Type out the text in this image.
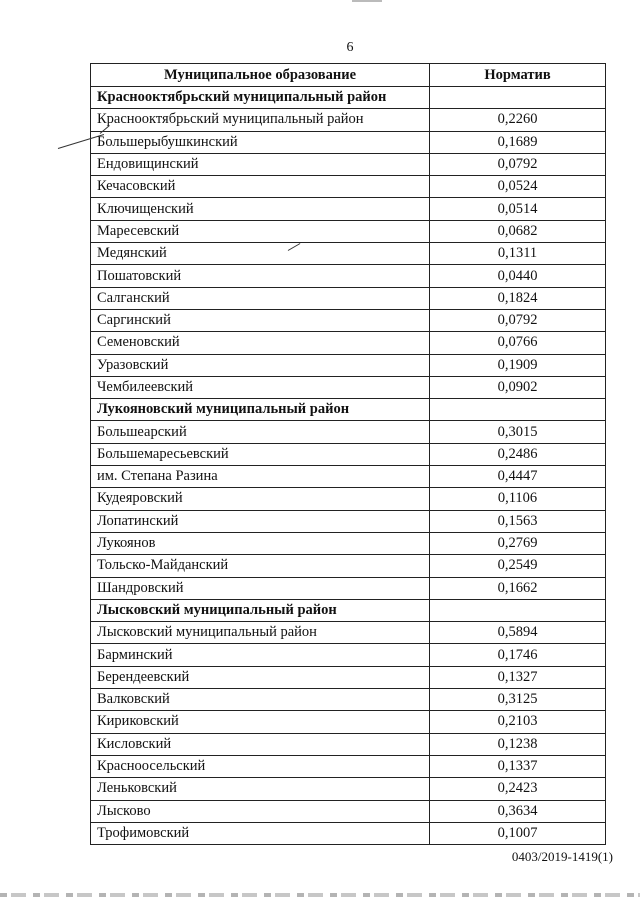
6
Муниципальное образование	Норматив
Краснооктябрьский муниципальный район	
Краснооктябрьский муниципальный район	0,2260
Большерыбушкинский	0,1689
Ендовищинский	0,0792
Кечасовский	0,0524
Ключищенский	0,0514
Маресевский	0,0682
Медянский	0,1311
Пошатовский	0,0440
Салганский	0,1824
Саргинский	0,0792
Семеновский	0,0766
Уразовский	0,1909
Чембилеевский	0,0902
Лукояновский муниципальный район	
Большеарский	0,3015
Большемаресьевский	0,2486
им. Степана Разина	0,4447
Кудеяровский	0,1106
Лопатинский	0,1563
Лукоянов	0,2769
Тольско-Майданский	0,2549
Шандровский	0,1662
Лысковский муниципальный район	
Лысковский муниципальный район	0,5894
Барминский	0,1746
Берендеевский	0,1327
Валковский	0,3125
Кириковский	0,2103
Кисловский	0,1238
Красноосельский	0,1337
Леньковский	0,2423
Лысково	0,3634
Трофимовский	0,1007
0403/2019-1419(1)
